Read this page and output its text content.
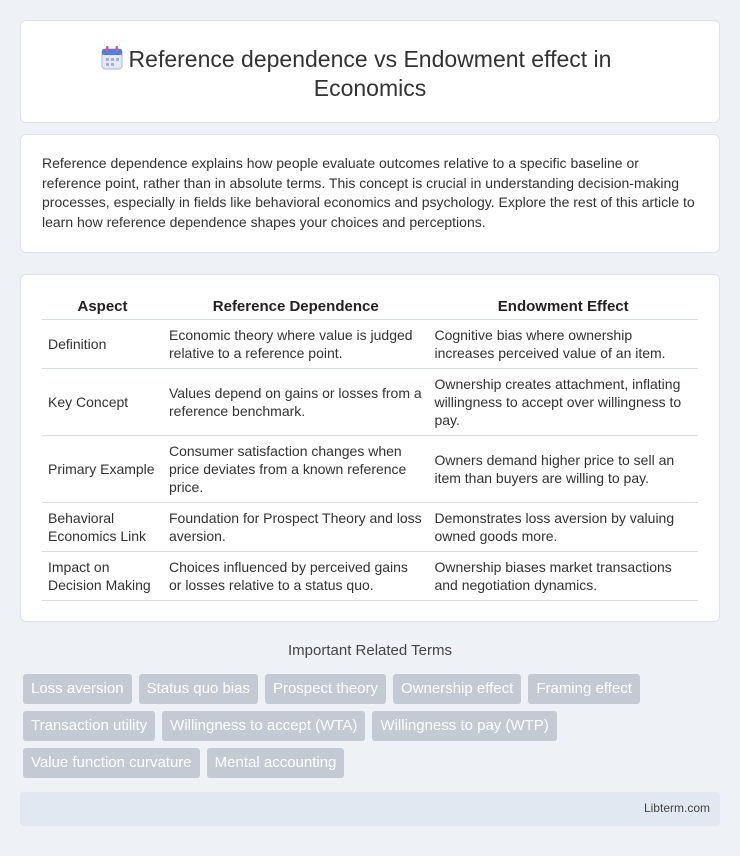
Reference dependence vs Endowment effect in Economics

Reference dependence explains how people evaluate outcomes relative to a specific baseline or reference point, rather than in absolute terms. This concept is crucial in understanding decision-making processes, especially in fields like behavioral economics and psychology. Explore the rest of this article to learn how reference dependence shapes your choices and perceptions.

Aspect	Reference Dependence	Endowment Effect
Definition	Economic theory where value is judged relative to a reference point.	Cognitive bias where ownership increases perceived value of an item.
Key Concept	Values depend on gains or losses from a reference benchmark.	Ownership creates attachment, inflating willingness to accept over willingness to pay.
Primary Example	Consumer satisfaction changes when price deviates from a known reference price.	Owners demand higher price to sell an item than buyers are willing to pay.
Behavioral Economics Link	Foundation for Prospect Theory and loss aversion.	Demonstrates loss aversion by valuing owned goods more.
Impact on Decision Making	Choices influenced by perceived gains or losses relative to a status quo.	Ownership biases market transactions and negotiation dynamics.
Important Related Terms
Loss aversion	Status quo bias	Prospect theory	Ownership effect	Framing effect
Transaction utility	Willingness to accept (WTA)	Willingness to pay (WTP)
Value function curvature	Mental accounting
Libterm.com
